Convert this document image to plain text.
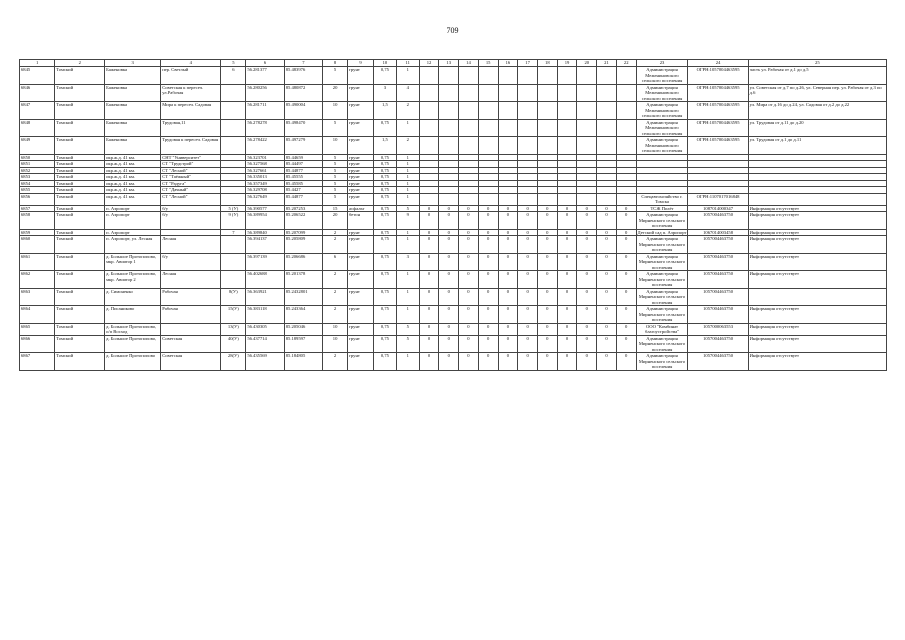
709
1	2	3	4	5	6	7	8	9	10	11	12	13	14	15	16	17	18	19	20	21	22	23	24	25
6845	Томский	Баженовка	пер. Светлый	6	56.281377	85.483976	5	грунт	0,75	1												Администрация Межениновского сельского поселения	ОГРН:1057004463595	часть ул. Рабочая от д.1 до д.5
6846	Томский	Баженовка	Советская к пересеч. ул.Рабочая		56.280256	85.480872	20	грунт	3	4												Администрация Межениновского сельского поселения	ОГРН:1057004463595	ул. Советская от д.7 по д.26, ул. Северная пер. ул. Рабочая от д.3 по д.6
6847	Томский	Баженовка	Мира к пересеч. Садовая		56.281711	85.490004	10	грунт	1,5	2												Администрация Межениновского сельского поселения	ОГРН:1057004463595	ул. Мира от д.16 до д.24, ул. Садовая от д.2 до д.22
6848	Томский	Баженовка	Трудовая,11		56.278278	85.498470	5	грунт	0,75	1												Администрация Межениновского сельского поселения	ОГРН:1057004463595	ул. Трудовая от д.11 до д.20
6849	Томский	Баженовка	Трудовая к пересеч. Садовая		56.278422	85.497279	10	грунт	1,5	2												Администрация Межениновского сельского поселения	ОГРН:1057004463595	ул. Трудовая от д.1 до д.11
6850	Томский	окр.ж.д. 41 км.	СНТ "Университет"		56.323701	85.44659	5	грунт	0,75	1														
6851	Томский	окр.ж.д. 41 км.	СТ "Трудстрой"		56.327568	85.44497	5	грунт	0,75	1														
6852	Томский	окр.ж.д. 41 км.	СТ "Лесной"		56.327661	85.44877	5	грунт	0,75	1														
6853	Томский	окр.ж.д. 41 км.	СТ "Таёжный"		56.335013	85.45555	5	грунт	0,75	1														
6854	Томский	окр.ж.д. 41 км.	СТ "Радуга"		56.357349	85.45585	5	грунт	0,75	1														
6855	Томский	окр.ж.д. 41 км.	СТ "Дачный"		56.329708	85.4427	5	грунт	0,75	1														
6856	Томский	окр.ж.д. 41 км.	СТ "Лесной"		56.327649	85.44877	5	грунт	0,75	1												Спецавтохозяйство г. Томска	ОГРН:1107017016848	
6857	Томский	п. Аэропорт	б/у	5 (У)	56.390577	85.207253	15	асфальт	0,75	5	0	0	0	0	0	0	0	0	0	0	0	ТСЖ Полёт	1087014000347	Информация отсутствует
6858	Томский	п. Аэропорт	б/у	9 (У)	56.389954	85.206522	20	бетон	0,75	9	0	0	0	0	0	0	0	0	0	0	0	Администрация Мирненского сельского поселения	1057004463750	Информация отсутствует
6859	Томский	п. Аэропорт		7	56.389840	85.207099	2	грунт	0,75	1	0	0	0	0	0	0	0	0	0	0	0	Детский сад п. Аэропорт	1067014003458	Информация отсутствует
6860	Томский	п. Аэропорт, ул. Лесная	Лесная		56.394137	85.205809	2	грунт	0,75	1	0	0	0	0	0	0	0	0	0	0	0	Администрация Мирненского сельского поселения	1057004463750	Информация отсутствует
6861	Томский	д. Большое Протопопово, мкр. Авиатор 1	б/у		56.397139	85.206686	6	грунт	0,75	3	0	0	0	0	0	0	0	0	0	0	0	Администрация Мирненского сельского поселения	1057004463750	Информация отсутствует
6862	Томский	д. Большое Протопопово, мкр. Авиатор 2	Лесная		56.402688	85.201378	2	грунт	0,75	1	0	0	0	0	0	0	0	0	0	0	0	Администрация Мирненского сельского поселения	1057004463750	Информация отсутствует
6863	Томский	д. Симоненко	Рабочая	8(У)	56.363921	85.2432801	2	грунт	0,75	1	0	0	0	0	0	0	0	0	0	0	0	Администрация Мирненского сельского поселения	1057004463750	
6864	Томский	д. Писаниково	Рабочая	15(У)	56.383118	85.243364	2	грунт	0,75	1	0	0	0	0	0	0	0	0	0	0	0	Администрация Мирненского сельского поселения	1057004463750	Информация отсутствует
6865	Томский	д. Большое Протопопово, о/п Восход		13(У)	56.430305	85.205046	10	грунт	0,75	5	0	0	0	0	0	0	0	0	0	0	0	ООО "Комбинат благоустройства"	1057000063553	Информация отсутствует
6866	Томский	д. Большое Протопопово,	Советская	40(У)	56.437714	85.189597	10	грунт	0,75	5	0	0	0	0	0	0	0	0	0	0	0	Администрация Мирненского сельского поселения	1057004463750	Информация отсутствует
6867	Томский	д. Большое Протопопово	Советская	28(У)	56.435569	85.184805	2	грунт	0,75	1	0	0	0	0	0	0	0	0	0	0	0	Администрация Мирненского сельского поселения	1057004463750	Информация отсутствует
